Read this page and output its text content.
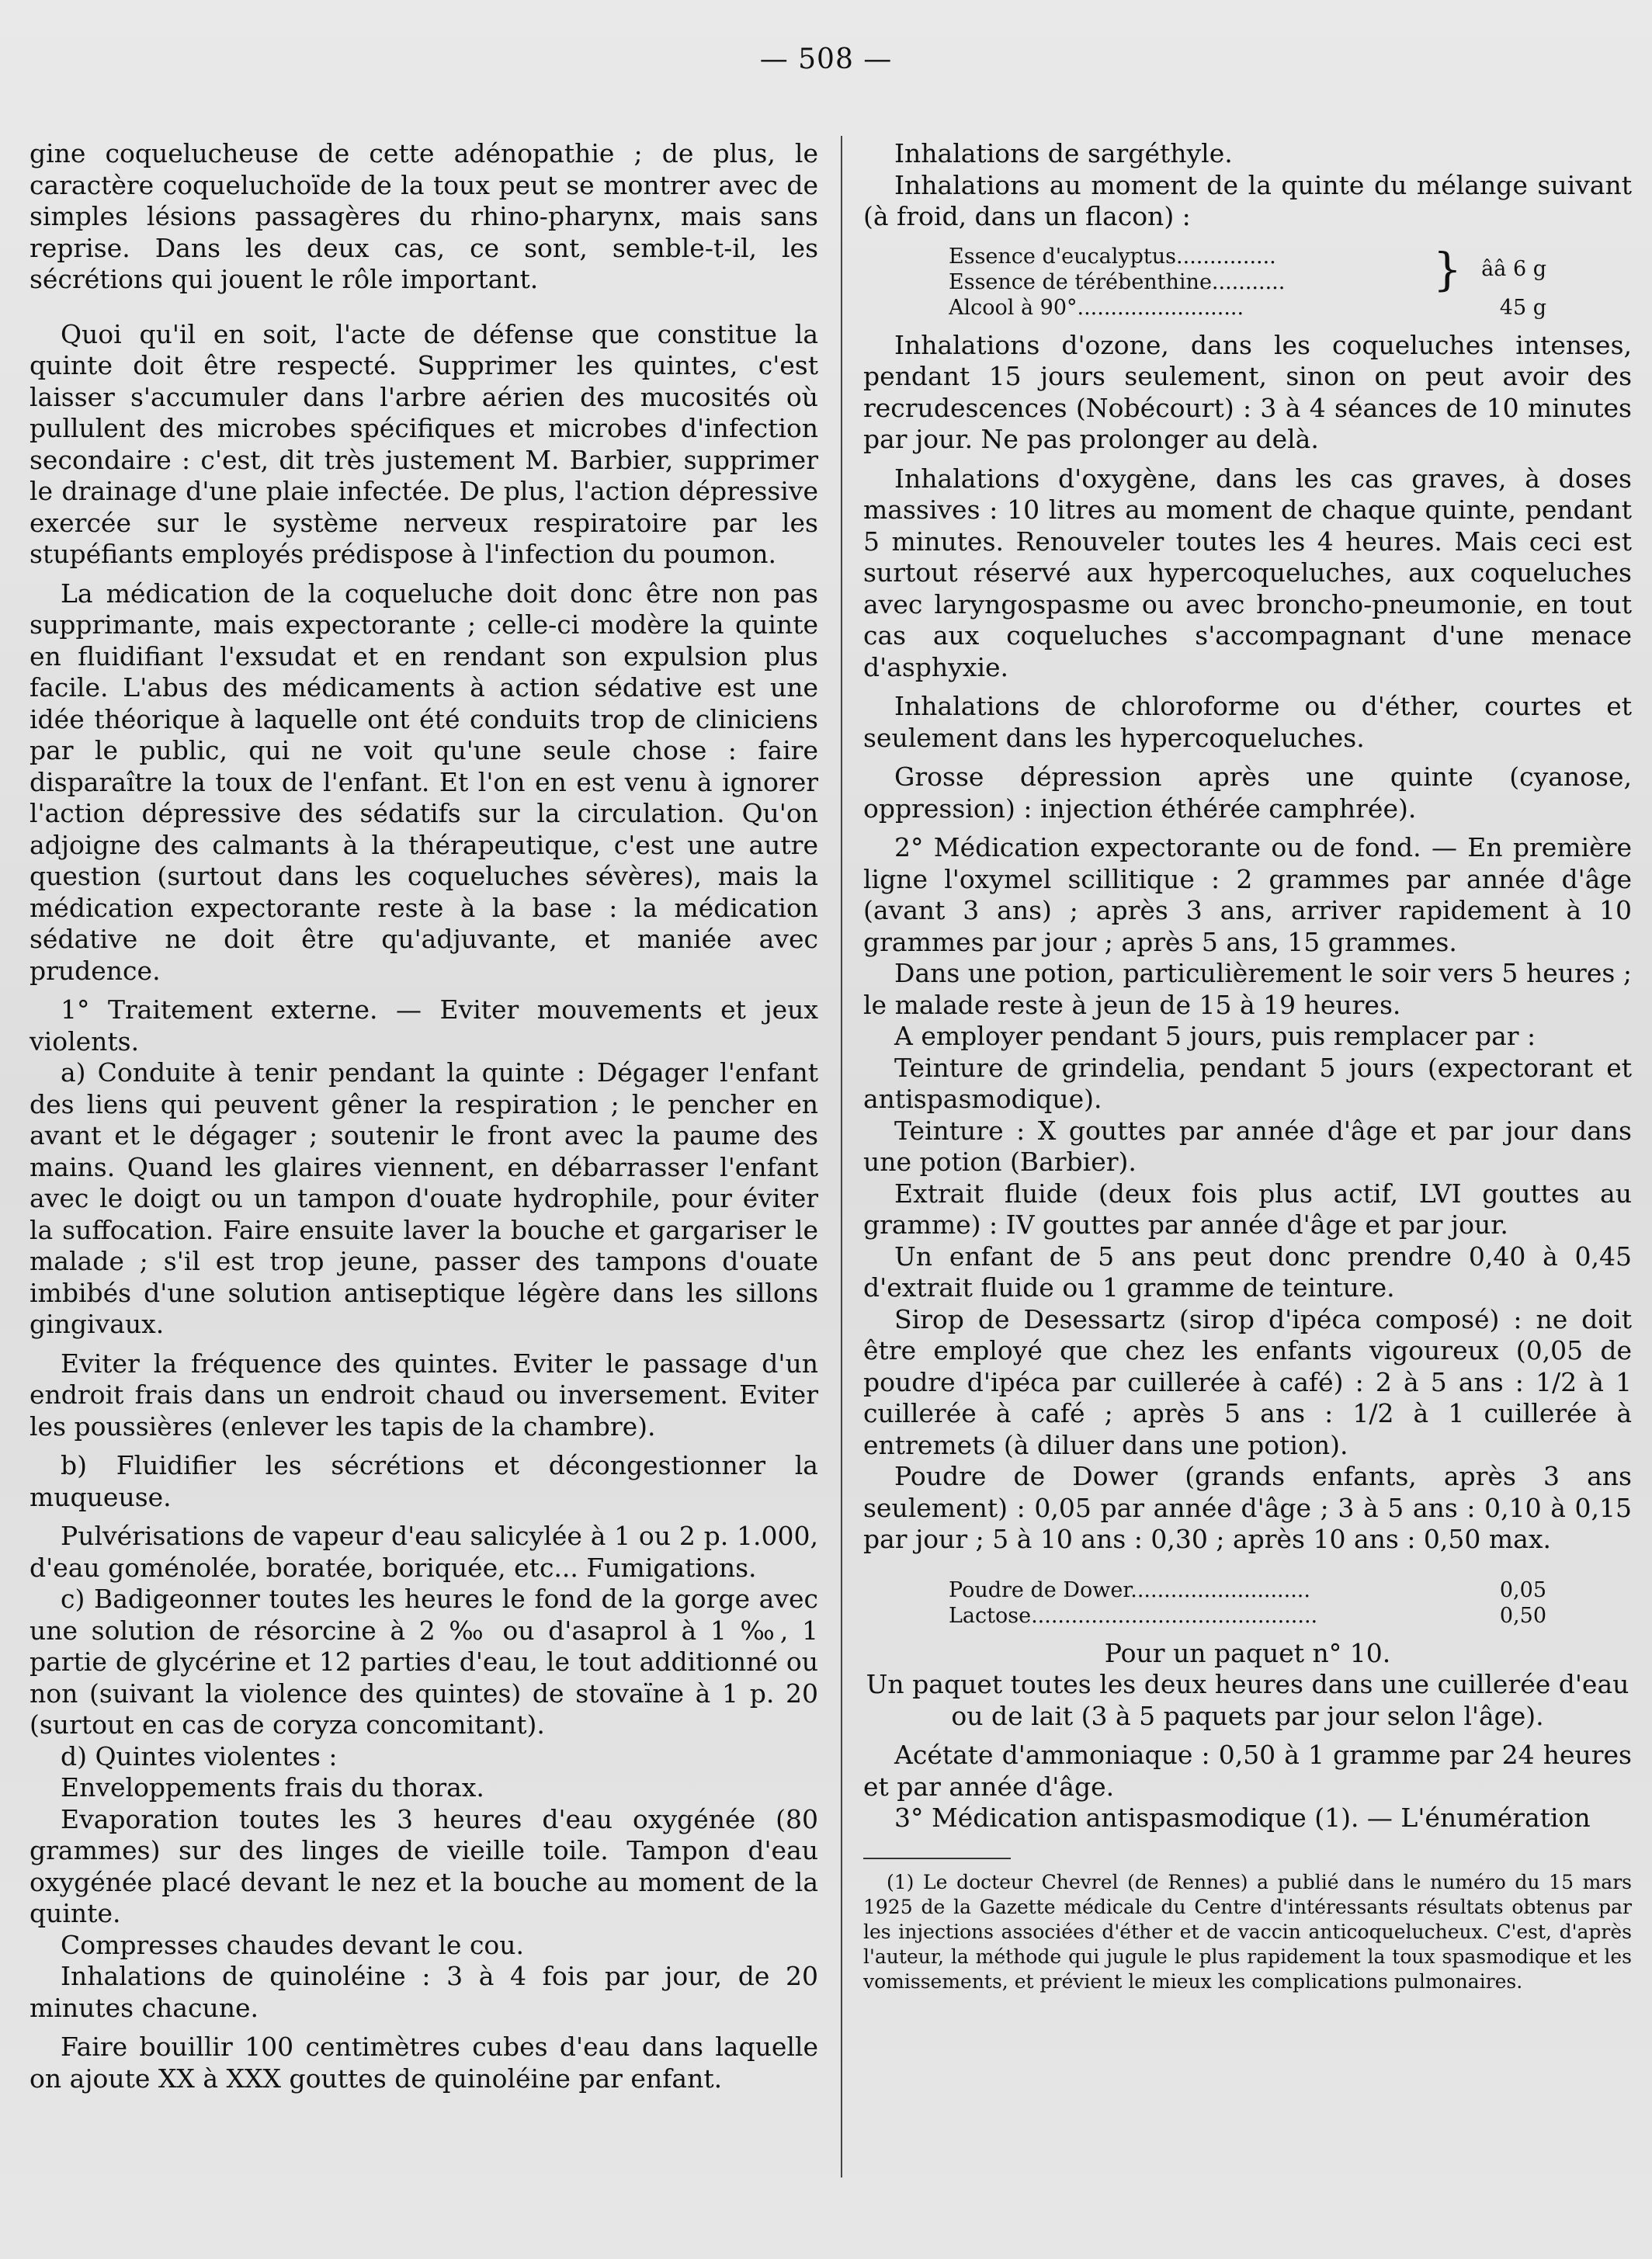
— 508 —

gine coquelucheuse de cette adénopathie ; de plus, le caractère coqueluchoïde de la toux peut se montrer avec de simples lésions passagères du rhino-pharynx, mais sans reprise. Dans les deux cas, ce sont, semble-t-il, les sécrétions qui jouent le rôle important.

Quoi qu'il en soit, l'acte de défense que constitue la quinte doit être respecté. Supprimer les quintes, c'est laisser s'accumuler dans l'arbre aérien des mucosités où pullulent des microbes spécifiques et microbes d'infection secondaire : c'est, dit très justement M. Barbier, supprimer le drainage d'une plaie infectée. De plus, l'action dépressive exercée sur le système nerveux respiratoire par les stupéfiants employés prédispose à l'infection du poumon.

La médication de la coqueluche doit donc être non pas supprimante, mais expectorante ; celle-ci modère la quinte en fluidifiant l'exsudat et en rendant son expulsion plus facile. L'abus des médicaments à action sédative est une idée théorique à laquelle ont été conduits trop de cliniciens par le public, qui ne voit qu'une seule chose : faire disparaître la toux de l'enfant. Et l'on en est venu à ignorer l'action dépressive des sédatifs sur la circulation. Qu'on adjoigne des calmants à la thérapeutique, c'est une autre question (surtout dans les coqueluches sévères), mais la médication expectorante reste à la base : la médication sédative ne doit être qu'adjuvante, et maniée avec prudence.

1° Traitement externe. — Eviter mouvements et jeux violents.

a) Conduite à tenir pendant la quinte : Dégager l'enfant des liens qui peuvent gêner la respiration ; le pencher en avant et le dégager ; soutenir le front avec la paume des mains. Quand les glaires viennent, en débarrasser l'enfant avec le doigt ou un tampon d'ouate hydrophile, pour éviter la suffocation. Faire ensuite laver la bouche et gargariser le malade ; s'il est trop jeune, passer des tampons d'ouate imbibés d'une solution antiseptique légère dans les sillons gingivaux.

Eviter la fréquence des quintes. Eviter le passage d'un endroit frais dans un endroit chaud ou inversement. Eviter les poussières (enlever les tapis de la chambre).

b) Fluidifier les sécrétions et décongestionner la muqueuse.

Pulvérisations de vapeur d'eau salicylée à 1 ou 2 p. 1.000, d'eau goménolée, boratée, boriquée, etc... Fumigations.

c) Badigeonner toutes les heures le fond de la gorge avec une solution de résorcine à 2 ‰ ou d'asaprol à 1 ‰, 1 partie de glycérine et 12 parties d'eau, le tout additionné ou non (suivant la violence des quintes) de stovaïne à 1 p. 20 (surtout en cas de coryza concomitant).

d) Quintes violentes :

Enveloppements frais du thorax.

Evaporation toutes les 3 heures d'eau oxygénée (80 grammes) sur des linges de vieille toile. Tampon d'eau oxygénée placé devant le nez et la bouche au moment de la quinte.

Compresses chaudes devant le cou.

Inhalations de quinoléine : 3 à 4 fois par jour, de 20 minutes chacune.

Faire bouillir 100 centimètres cubes d'eau dans laquelle on ajoute XX à XXX gouttes de quinoléine par enfant.

Inhalations de sargéthyle.

Inhalations au moment de la quinte du mélange suivant (à froid, dans un flacon) :

Essence d'eucalyptus...............
Essence de térébenthine...........	} ââ 6 g
Alcool à 90°.........................	45 g

Inhalations d'ozone, dans les coqueluches intenses, pendant 15 jours seulement, sinon on peut avoir des recrudescences (Nobécourt) : 3 à 4 séances de 10 minutes par jour. Ne pas prolonger au delà.

Inhalations d'oxygène, dans les cas graves, à doses massives : 10 litres au moment de chaque quinte, pendant 5 minutes. Renouveler toutes les 4 heures. Mais ceci est surtout réservé aux hypercoqueluches, aux coqueluches avec laryngospasme ou avec broncho-pneumonie, en tout cas aux coqueluches s'accompagnant d'une menace d'asphyxie.

Inhalations de chloroforme ou d'éther, courtes et seulement dans les hypercoqueluches.

Grosse dépression après une quinte (cyanose, oppression) : injection éthérée camphrée).

2° Médication expectorante ou de fond. — En première ligne l'oxymel scillitique : 2 grammes par année d'âge (avant 3 ans) ; après 3 ans, arriver rapidement à 10 grammes par jour ; après 5 ans, 15 grammes.

Dans une potion, particulièrement le soir vers 5 heures ; le malade reste à jeun de 15 à 19 heures.

A employer pendant 5 jours, puis remplacer par :

Teinture de grindelia, pendant 5 jours (expectorant et antispasmodique).

Teinture : X gouttes par année d'âge et par jour dans une potion (Barbier).

Extrait fluide (deux fois plus actif, LVI gouttes au gramme) : IV gouttes par année d'âge et par jour.

Un enfant de 5 ans peut donc prendre 0,40 à 0,45 d'extrait fluide ou 1 gramme de teinture.

Sirop de Desessartz (sirop d'ipéca composé) : ne doit être employé que chez les enfants vigoureux (0,05 de poudre d'ipéca par cuillerée à café) : 2 à 5 ans : 1/2 à 1 cuillerée à café ; après 5 ans : 1/2 à 1 cuillerée à entremets (à diluer dans une potion).

Poudre de Dower (grands enfants, après 3 ans seulement) : 0,05 par année d'âge ; 3 à 5 ans : 0,10 à 0,15 par jour ; 5 à 10 ans : 0,30 ; après 10 ans : 0,50 max.

Poudre de Dower...........................	0,05
Lactose...........................................	0,50

Pour un paquet n° 10.

Un paquet toutes les deux heures dans une cuillerée d'eau ou de lait (3 à 5 paquets par jour selon l'âge).

Acétate d'ammoniaque : 0,50 à 1 gramme par 24 heures et par année d'âge.

3° Médication antispasmodique (1). — L'énumération

(1) Le docteur Chevrel (de Rennes) a publié dans le numéro du 15 mars 1925 de la Gazette médicale du Centre d'intéressants résultats obtenus par les injections associées d'éther et de vaccin anticoquelucheux. C'est, d'après l'auteur, la méthode qui jugule le plus rapidement la toux spasmodique et les vomissements, et prévient le mieux les complications pulmonaires.
